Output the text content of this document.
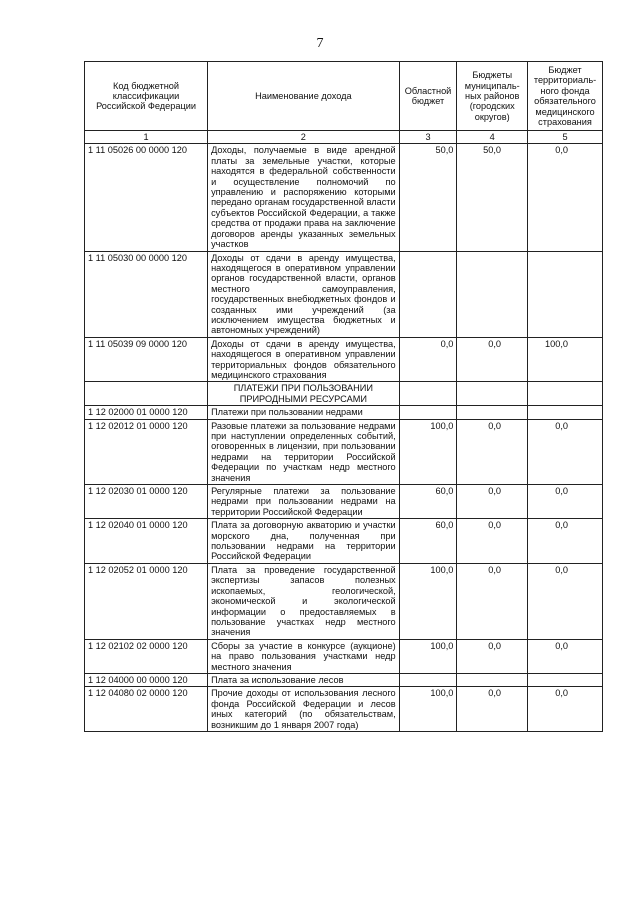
7
Код бюджетной классификации Российской Федерации	Наименование дохода	Областной бюджет	Бюджеты муниципаль-ных районов (городских округов)	Бюджет территориаль-ного фонда обязательного медицинского страхования
1	2	3	4	5
1 11 05026 00 0000 120	Доходы, получаемые в виде арендной платы за земельные участки, которые находятся в федеральной собственности и осуществление полномочий по управлению и распоряжению которыми передано органам государственной власти субъектов Российской Федерации, а также средства от продажи права на заключение договоров аренды указанных земельных участков	50,0	50,0	0,0
1 11 05030 00 0000 120	Доходы от сдачи в аренду имущества, находящегося в оперативном управлении органов государственной власти, органов местного самоуправления, государственных внебюджетных фондов и созданных ими учреждений (за исключением имущества бюджетных и автономных учреждений)			
1 11 05039 09 0000 120	Доходы от сдачи в аренду имущества, находящегося в оперативном управлении территориальных фондов обязательного медицинского страхования	0,0	0,0	100,0
	ПЛАТЕЖИ ПРИ ПОЛЬЗОВАНИИ ПРИРОДНЫМИ РЕСУРСАМИ			
1 12 02000 01 0000 120	Платежи при пользовании недрами			
1 12 02012 01 0000 120	Разовые платежи за пользование недрами при наступлении определенных событий, оговоренных в лицензии, при пользовании недрами на территории Российской Федерации по участкам недр местного значения	100,0	0,0	0,0
1 12 02030 01 0000 120	Регулярные платежи за пользование недрами при пользовании недрами на территории Российской Федерации	60,0	0,0	0,0
1 12 02040 01 0000 120	Плата за договорную акваторию и участки морского дна, полученная при пользовании недрами на территории Российской Федерации	60,0	0,0	0,0
1 12 02052 01 0000 120	Плата за проведение государственной экспертизы запасов полезных ископаемых, геологической, экономической и экологической информации о предоставляемых в пользование участках недр местного значения	100,0	0,0	0,0
1 12 02102 02 0000 120	Сборы за участие в конкурсе (аукционе) на право пользования участками недр местного значения	100,0	0,0	0,0
1 12 04000 00 0000 120	Плата за использование лесов			
1 12 04080 02 0000 120	Прочие доходы от использования лесного фонда Российской Федерации и лесов иных категорий (по обязательствам, возникшим до 1 января 2007 года)	100,0	0,0	0,0
